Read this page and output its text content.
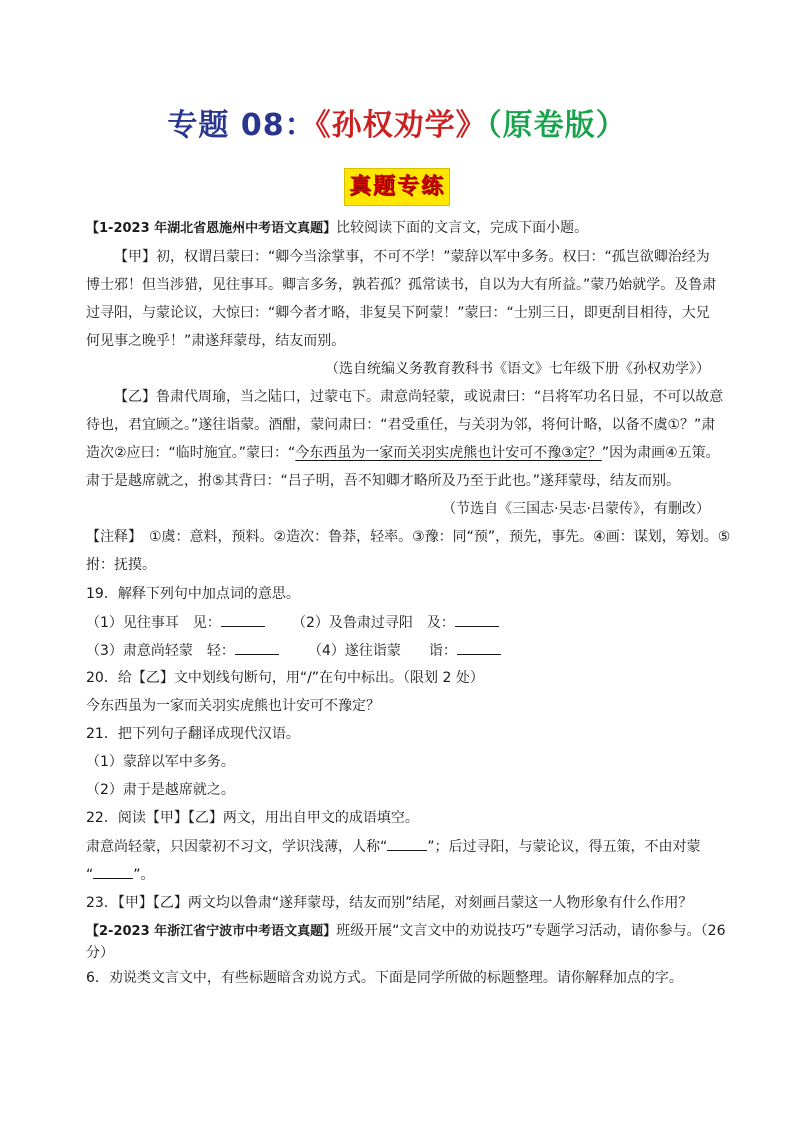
专题 08：《孙权劝学》（原卷版）
真题专练
【1-2023 年湖北省恩施州中考语文真题】比较阅读下面的文言文，完成下面小题。
【甲】初，权谓吕蒙曰：“卿今当涂掌事，不可不学！”蒙辞以军中多务。权曰：“孤岂欲卿治经为
博士邪！但当涉猎，见往事耳。卿言多务，孰若孤？孤常读书，自以为大有所益。”蒙乃始就学。及鲁肃
过寻阳，与蒙论议，大惊曰：“卿今者才略，非复吴下阿蒙！”蒙曰：“士别三日，即更刮目相待，大兄
何见事之晚乎！”肃遂拜蒙母，结友而别。
（选自统编义务教育教科书《语文》七年级下册《孙权劝学》）
【乙】鲁肃代周瑜，当之陆口，过蒙屯下。肃意尚轻蒙，或说肃曰：“吕将军功名日显，不可以故意
待也，君宜顾之。”遂往诣蒙。酒酣，蒙问肃曰：“君受重任，与关羽为邻，将何计略，以备不虞①？”肃
造次②应曰：“临时施宜。”蒙曰：“今东西虽为一家而关羽实虎熊也计安可不豫③定？”因为肃画④五策。
肃于是越席就之，拊⑤其背曰：“吕子明，吾不知卿才略所及乃至于此也。”遂拜蒙母，结友而别。
（节选自《三国志·吴志·吕蒙传》，有删改）
【注释】　①虞：意料，预料。②造次：鲁莽，轻率。③豫：同“预”，预先，事先。④画：谋划，筹划。⑤
拊：抚摸。
19．解释下列句中加点词的意思。
（1）见往事耳　见：	（2）及鲁肃过寻阳　及：
（3）肃意尚轻蒙　轻：	（4）遂往诣蒙　　诣：
20．给【乙】文中划线句断句，用“/”在句中标出。（限划 2 处）
今东西虽为一家而关羽实虎熊也计安可不豫定？
21．把下列句子翻译成现代汉语。
（1）蒙辞以军中多务。
（2）肃于是越席就之。
22．阅读【甲】【乙】两文，用出自甲文的成语填空。
肃意尚轻蒙，只因蒙初不习文，学识浅薄，人称“	”；后过寻阳，与蒙论议，得五策，不由对蒙
“	”。
23．【甲】【乙】两文均以鲁肃“遂拜蒙母，结友而别”结尾，对刻画吕蒙这一人物形象有什么作用？
【2-2023 年浙江省宁波市中考语文真题】班级开展“文言文中的劝说技巧”专题学习活动，请你参与。（26
分）
6．劝说类文言文中，有些标题暗含劝说方式。下面是同学所做的标题整理。请你解释加点的字。
